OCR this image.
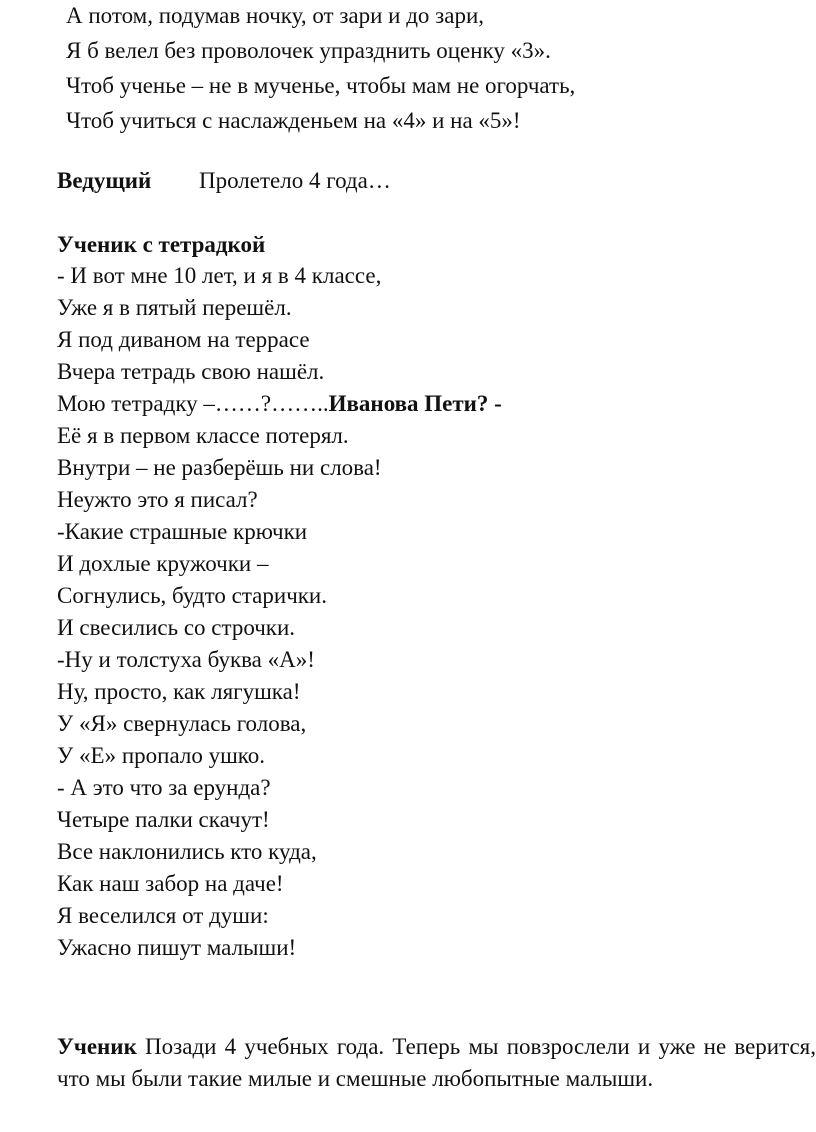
А потом, подумав ночку, от зари и до зари,
Я б велел без проволочек упразднить оценку «3».
Чтоб ученье – не в мученье, чтобы мам не огорчать,
Чтоб учиться с наслажденьем на «4» и на «5»!
Ведущий Пролетело 4 года…
Ученик с тетрадкой
- И вот мне 10 лет, и я в 4 классе,
Уже я в пятый перешёл.
Я под диваном на террасе
Вчера тетрадь свою нашёл.
Мою тетрадку –……?……..Иванова Пети? -
Её я в первом классе потерял.
Внутри – не разберёшь ни слова!
Неужто это я писал?
-Какие страшные крючки
И дохлые кружочки –
Согнулись, будто старички.
И свесились со строчки.
-Ну и толстуха буква «А»!
Ну, просто, как лягушка!
У «Я» свернулась голова,
У «Е» пропало ушко.
- А это что за ерунда?
Четыре палки скачут!
Все наклонились кто куда,
Как наш забор на даче!
Я веселился от души:
Ужасно пишут малыши!
Ученик Позади 4 учебных года. Теперь мы повзрослели и уже не верится, что мы были такие милые и смешные любопытные малыши.
